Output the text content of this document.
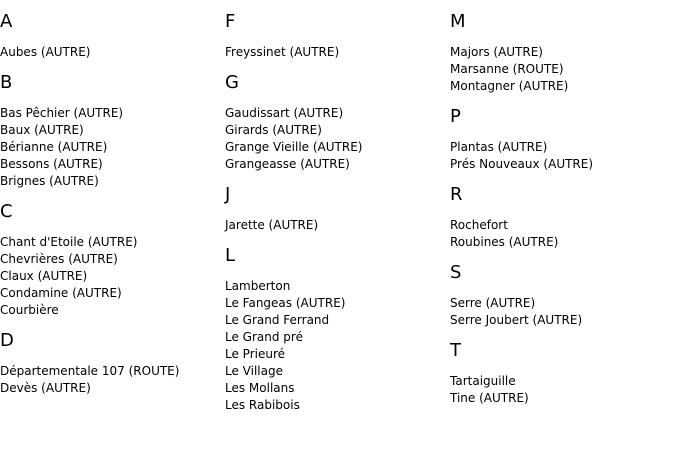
A
Aubes (AUTRE)
B
Bas Pêchier (AUTRE)
Baux (AUTRE)
Bérianne (AUTRE)
Bessons (AUTRE)
Brignes (AUTRE)
C
Chant d'Etoile (AUTRE)
Chevrières (AUTRE)
Claux (AUTRE)
Condamine (AUTRE)
Courbière
D
Départementale 107 (ROUTE)
Devès (AUTRE)
F
Freyssinet (AUTRE)
G
Gaudissart (AUTRE)
Girards (AUTRE)
Grange Vieille (AUTRE)
Grangeasse (AUTRE)
J
Jarette (AUTRE)
L
Lamberton
Le Fangeas (AUTRE)
Le Grand Ferrand
Le Grand pré
Le Prieuré
Le Village
Les Mollans
Les Rabibois
M
Majors (AUTRE)
Marsanne (ROUTE)
Montagner (AUTRE)
P
Plantas (AUTRE)
Prés Nouveaux (AUTRE)
R
Rochefort
Roubines (AUTRE)
S
Serre (AUTRE)
Serre Joubert (AUTRE)
T
Tartaiguille
Tine (AUTRE)
